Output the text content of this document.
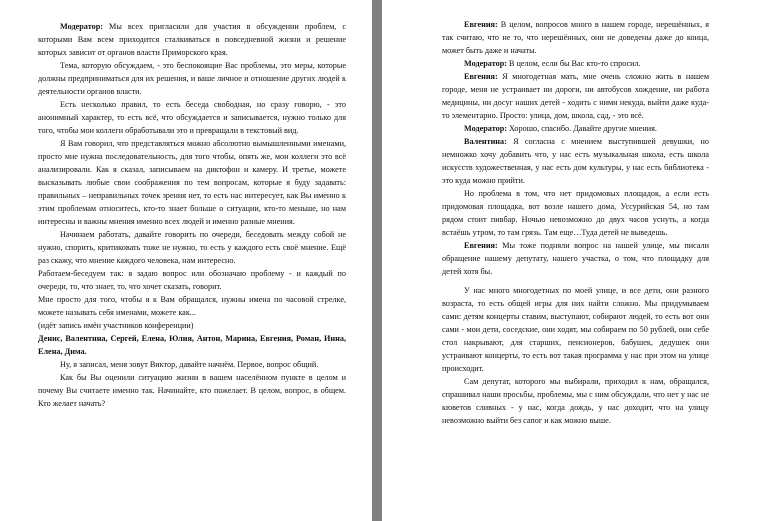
Модератор: Мы всех пригласили для участия в обсуждении проблем, с которыми Вам всем приходится сталкиваться в повседневной жизни и решение которых зависит от органов власти Приморского края.

Тема, которую обсуждаем, - это беспокоящие Вас проблемы, это меры, которые должны предприниматься для их решения, и ваше личное и отношение других людей к деятельности органов власти.

Есть несколько правил, то есть беседа свободная, но сразу говорю, - это анонимный характер, то есть всё, что обсуждается и записывается, нужно только для того, чтобы мои коллеги обработывали это и превращали в текстовый вид.

Я Вам говорил, что представляться можно абсолютно вымышленными именами, просто мне нужна последовательность, для того чтобы, опять же, мои коллеги это всё анализировали. Как я сказал, записываем на диктофон и камеру. И третье, можете высказывать любые свои соображения по тем вопросам, которые я буду задавать: правильных – неправильных точек зрения нет, то есть нас интересует, как Вы именно к этим проблемам относитесь, кто-то знает больше о ситуации, кто-то меньше, но нам интересны и важны мнения именно всех людей и именно разные мнения.

Начинаем работать, давайте говорить по очереди, беседовать между собой не нужно, спорить, критиковать тоже не нужно, то есть у каждого есть своё мнение. Ещё раз скажу, что мнение каждого человека, нам интересно.

Работаем-беседуем так: я задаю вопрос или обозначаю проблему - и каждый по очереди, то, что знает, то, что хочет сказать, говорит.

Мне просто для того, чтобы я к Вам обращался, нужны имена по часовой стрелке, можете называть себя именами, можете как...

(идёт запись имён участников конференции)

Денис, Валентина, Сергей, Елена, Юлия, Антон, Марина, Евгения, Роман, Инна, Елена, Дима.

Ну, я записал, меня зовут Виктор, давайте начнём. Первое, вопрос общий.

Как бы Вы оценили ситуацию жизни в вашем населённом пункте в целом и почему Вы считаете именно так. Начинайте, кто пожелает. В целом, вопрос, в общем. Кто желает начать?

Евгения: В целом, вопросов много в нашем городе, нерешённых, я так считаю, что не то, что нерешённых, они не доведены даже до конца, может быть даже и начаты.

Модератор: В целом, если бы Вас кто-то спросил.

Евгения: Я многодетная мать, мне очень сложно жить в нашем городе, меня не устраивает ни дороги, ни автобусов хождение, ни работа медицины, ни досуг наших детей - ходить с ними некуда, выйти даже куда-то элементарно. Просто: улица, дом, школа, сад, - это всё.

Модератор: Хорошо, спасибо. Давайте другие мнения.

Валентина: Я согласна с мнением выступившей девушки, но немножко хочу добавить что, у нас есть музыкальная школа, есть школа искусств художественная, у нас есть дом культуры, у нас есть библиотека - это куда можно прийти.

Но проблема в том, что нет придомовых площадок, а если есть придомовая площадка, вот возле нашего дома, Уссурийская 54, но там рядом стоит пивбар. Ночью невозможно до двух часов уснуть, а когда встаёшь утром, то там грязь. Там еще…Туда детей не выведешь.

Евгения: Мы тоже подняли вопрос на нашей улице, мы писали обращение нашему депутату, нашего участка, о том, что площадку для детей хотя бы.

У нас много многодетных по моей улице, и все дети, они разного возраста, то есть общей игры для них найти сложно. Мы придумываем сами: детям концерты ставим, выступают, собирают людей, то есть вот они сами - мои дети, соседские, они ходят, мы собираем по 50 рублей, они себе стол накрывают, для старших, пенсионеров, бабушек, дедушек они устраивают концерты, то есть вот такая программа у нас при этом на улице происходит.

Сам депутат, которого мы выбирали, приходил к нам, обращался, спрашивал наши просьбы, проблемы, мы с ним обсуждали, что нет у нас не кюветов сливных - у нас, когда дождь, у нас доходит, что на улицу невозможно выйти без сапог и как можно выше.
